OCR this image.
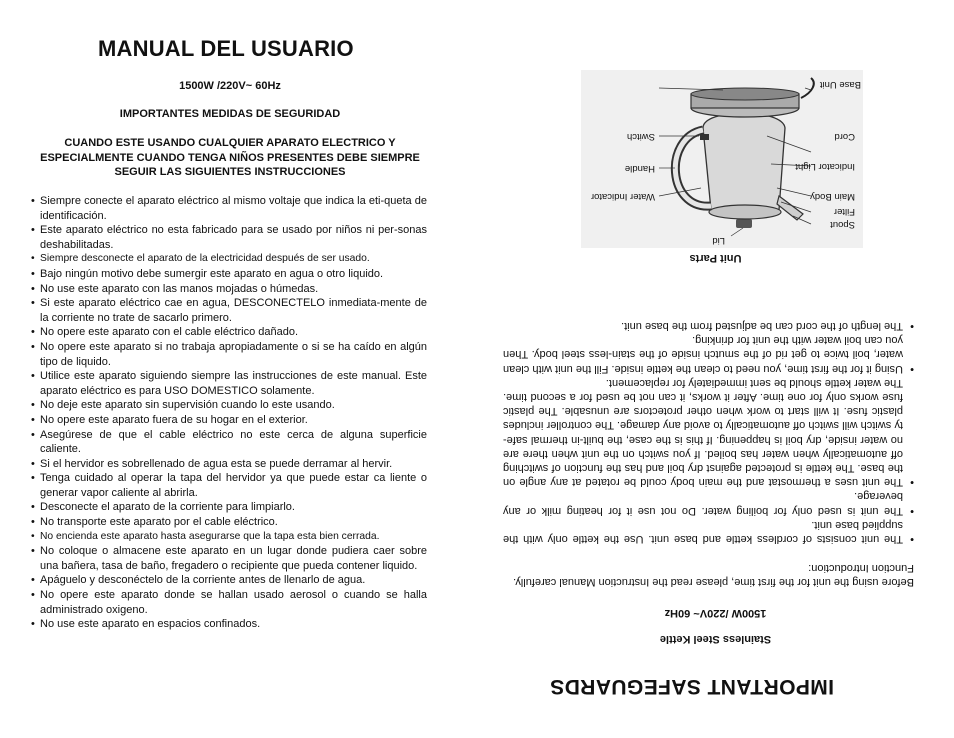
MANUAL DEL USUARIO
1500W /220V~ 60Hz
IMPORTANTES MEDIDAS DE SEGURIDAD
CUANDO ESTE USANDO CUALQUIER APARATO ELECTRICO Y ESPECIALMENTE CUANDO TENGA NIÑOS PRESENTES DEBE SIEMPRE SEGUIR LAS SIGUIENTES INSTRUCCIONES
• Siempre conecte el aparato eléctrico al mismo voltaje que indica la eti-queta de identificación.
• Este aparato eléctrico no esta fabricado para se usado por niños ni per-sonas deshabilitadas.
• Siempre desconecte el aparato de la electricidad después de ser usado.
• Bajo ningún motivo debe sumergir este aparato en agua o otro liquido.
• No use este aparato con las manos mojadas o húmedas.
• Si este aparato eléctrico cae en agua, DESCONECTELO inmediata-mente de la corriente no trate de sacarlo primero.
• No opere este aparato con el cable eléctrico dañado.
• No opere este aparato si no trabaja apropiadamente o si se ha caído en algún tipo de liquido.
• Utilice este aparato siguiendo siempre las instrucciones de este manual. Este aparato eléctrico es para USO DOMESTICO solamente.
• No deje este aparato sin supervisión cuando lo este usando.
• No opere este aparato fuera de su hogar en el exterior.
• Asegúrese de que el cable eléctrico no este cerca de alguna superficie caliente.
• Si el hervidor es sobrellenado de agua esta se puede derramar al hervir.
• Tenga cuidado al operar la tapa del hervidor ya que puede estar ca liente o generar vapor caliente al abrirla.
• Desconecte el aparato de la corriente para limpiarlo.
• No transporte este aparato por el cable eléctrico.
• No encienda este aparato hasta asegurarse que la tapa esta bien cerrada.
• No coloque o almacene este aparato en un lugar donde pudiera caer sobre una bañera, tasa de baño, fregadero o recipiente que pueda contener liquido.
• Apáguelo y desconéctelo de la corriente antes de llenarlo de agua.
• No opere este aparato donde se hallan usado aerosol o cuando se halla administrado oxigeno.
• No use este aparato en espacios confinados.
IMPORTANT SAFEGUARDS
Stainless Steel Kettle
1500W /220V~ 60Hz
Before using the unit for the first time, please read the Instruction Manual carefully.
Function Introduction:
• The unit consists of cordless kettle and base unit. Use the kettle only with the supplied base unit.
• The unit is used only for boiling water. Do not use it for heating milk or any beverage.
• The unit uses a thermostat and the main body could be rotated at any angle on the base. The kettle is protected against dry boil and has the function of switching off automatically when water has boiled. If you switch on the unit when there are no water inside, dry boil is happening. If this is the case, the built-in thermal safe-ty switch will switch off automatically to avoid any damage. The controller includes plastic fuse. It will start to work when other protectors are unusable. The plastic fuse works only for one time. After it works, it can not be used for a second time. The water kettle should be sent immediately for replacement.
• Using it for the first time, you need to clean the kettle inside. Fill the unit with clean water, boil twice to get rid of the smutch inside of the stain-less steel body. Then you can boil water with the unit for drinking.
• The length of the cord can be adjusted from the base unit.
Unit Parts
Spout
Filter
Main Body
Indicator Light
Cord
Base Unit
Lid
Water Indicator
Handle
Switch
